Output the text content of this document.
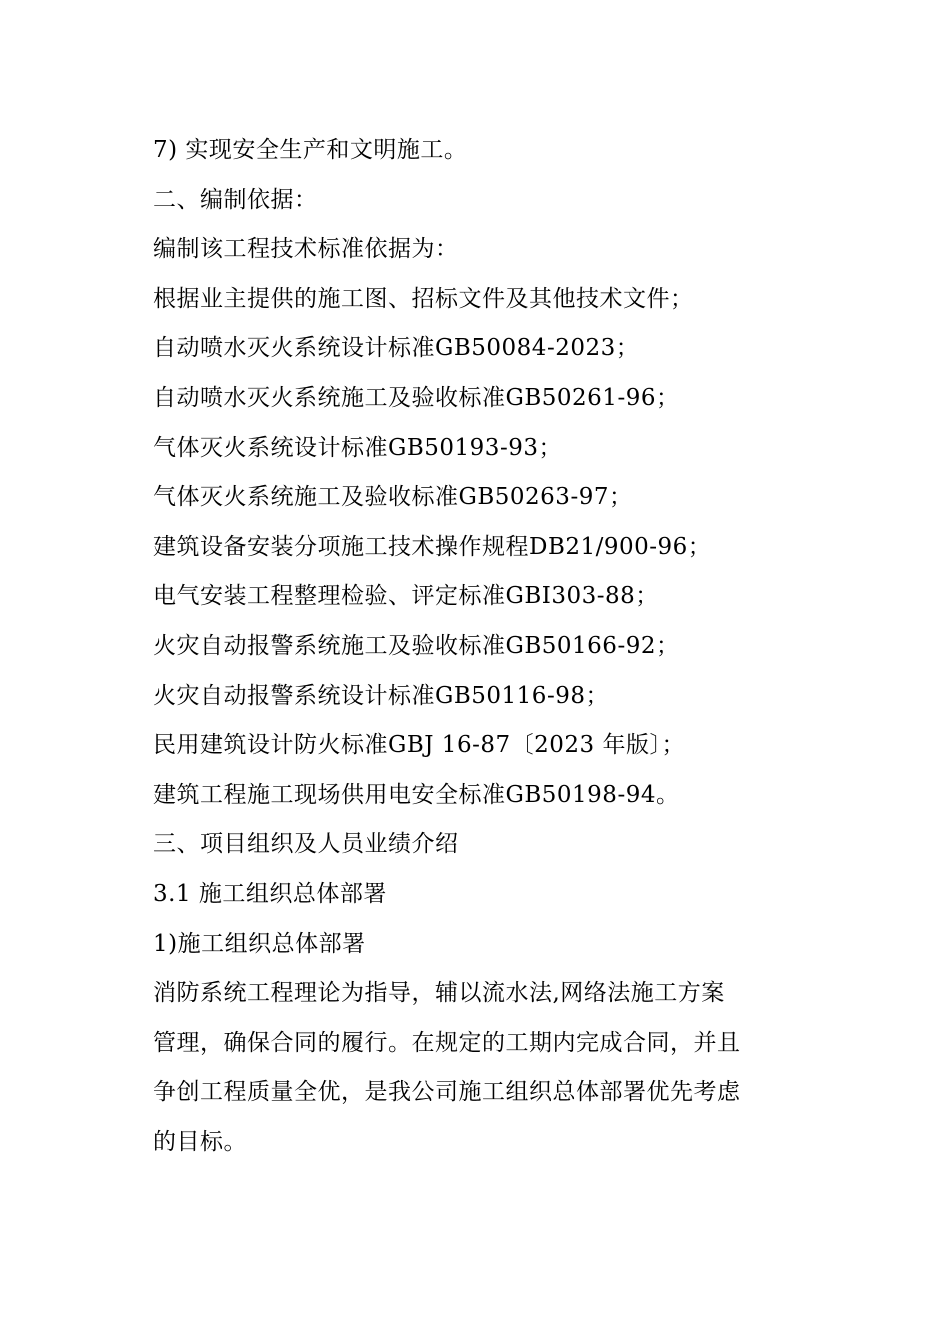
7) 实现安全生产和文明施工。
二、编制依据：
编制该工程技术标准依据为：
根据业主提供的施工图、招标文件及其他技术文件；
自动喷水灭火系统设计标准GB50084-2023；
自动喷水灭火系统施工及验收标准GB50261-96；
气体灭火系统设计标准GB50193-93；
气体灭火系统施工及验收标准GB50263-97；
建筑设备安装分项施工技术操作规程DB21/900-96；
电气安装工程整理检验、评定标准GBI303-88；
火灾自动报警系统施工及验收标准GB50166-92；
火灾自动报警系统设计标准GB50116-98；
民用建筑设计防火标准GBJ 16-87〔2023 年版〕；
建筑工程施工现场供用电安全标准GB50198-94。
三、项目组织及人员业绩介绍
3.1 施工组织总体部署
1)施工组织总体部署
消防系统工程理论为指导，辅以流水法,网络法施工方案
管理，确保合同的履行。在规定的工期内完成合同，并且
争创工程质量全优，是我公司施工组织总体部署优先考虑
的目标。
